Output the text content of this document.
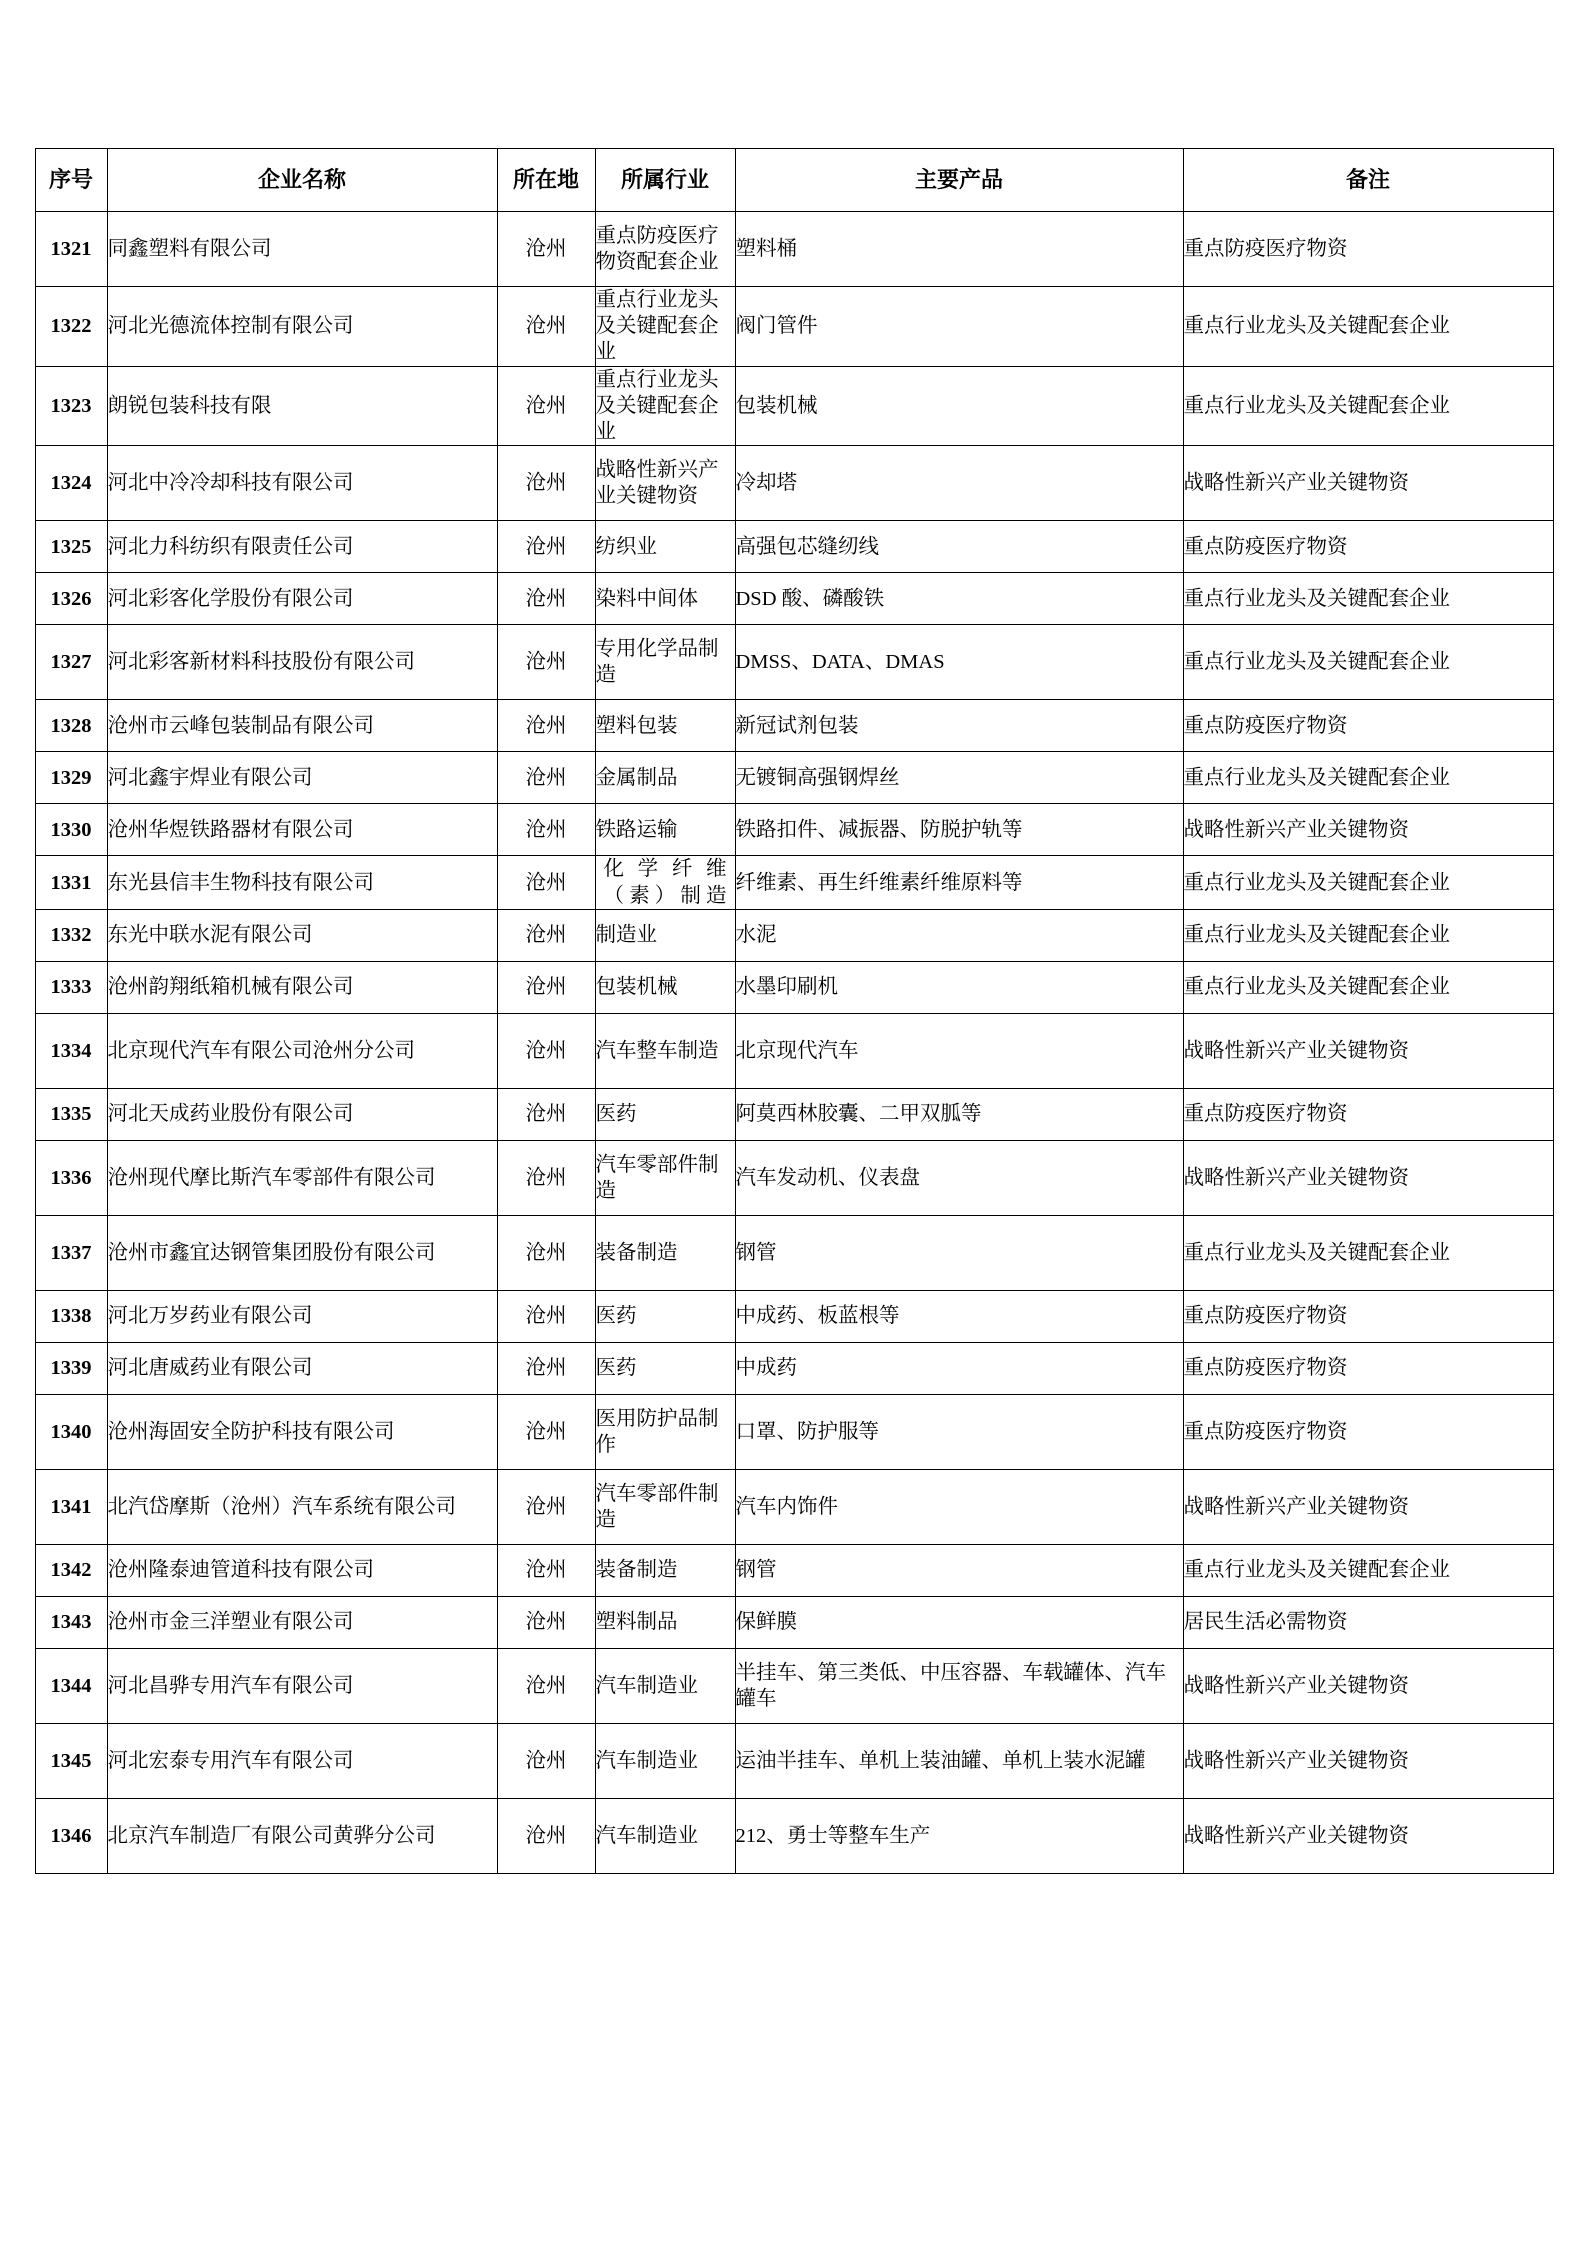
序号	企业名称	所在地	所属行业	主要产品	备注
1321	同鑫塑料有限公司	沧州	重点防疫医疗物资配套企业	塑料桶	重点防疫医疗物资
1322	河北光德流体控制有限公司	沧州	重点行业龙头及关键配套企业	阀门管件	重点行业龙头及关键配套企业
1323	朗锐包装科技有限	沧州	重点行业龙头及关键配套企业	包装机械	重点行业龙头及关键配套企业
1324	河北中冷冷却科技有限公司	沧州	战略性新兴产业关键物资	冷却塔	战略性新兴产业关键物资
1325	河北力科纺织有限责任公司	沧州	纺织业	高强包芯缝纫线	重点防疫医疗物资
1326	河北彩客化学股份有限公司	沧州	染料中间体	DSD 酸、磷酸铁	重点行业龙头及关键配套企业
1327	河北彩客新材料科技股份有限公司	沧州	专用化学品制造	DMSS、DATA、DMAS	重点行业龙头及关键配套企业
1328	沧州市云峰包装制品有限公司	沧州	塑料包装	新冠试剂包装	重点防疫医疗物资
1329	河北鑫宇焊业有限公司	沧州	金属制品	无镀铜高强钢焊丝	重点行业龙头及关键配套企业
1330	沧州华煜铁路器材有限公司	沧州	铁路运输	铁路扣件、减振器、防脱护轨等	战略性新兴产业关键物资
1331	东光县信丰生物科技有限公司	沧州	化学纤维（素）制造	纤维素、再生纤维素纤维原料等	重点行业龙头及关键配套企业
1332	东光中联水泥有限公司	沧州	制造业	水泥	重点行业龙头及关键配套企业
1333	沧州韵翔纸箱机械有限公司	沧州	包装机械	水墨印刷机	重点行业龙头及关键配套企业
1334	北京现代汽车有限公司沧州分公司	沧州	汽车整车制造	北京现代汽车	战略性新兴产业关键物资
1335	河北天成药业股份有限公司	沧州	医药	阿莫西林胶囊、二甲双胍等	重点防疫医疗物资
1336	沧州现代摩比斯汽车零部件有限公司	沧州	汽车零部件制造	汽车发动机、仪表盘	战略性新兴产业关键物资
1337	沧州市鑫宜达钢管集团股份有限公司	沧州	装备制造	钢管	重点行业龙头及关键配套企业
1338	河北万岁药业有限公司	沧州	医药	中成药、板蓝根等	重点防疫医疗物资
1339	河北唐威药业有限公司	沧州	医药	中成药	重点防疫医疗物资
1340	沧州海固安全防护科技有限公司	沧州	医用防护品制作	口罩、防护服等	重点防疫医疗物资
1341	北汽岱摩斯（沧州）汽车系统有限公司	沧州	汽车零部件制造	汽车内饰件	战略性新兴产业关键物资
1342	沧州隆泰迪管道科技有限公司	沧州	装备制造	钢管	重点行业龙头及关键配套企业
1343	沧州市金三洋塑业有限公司	沧州	塑料制品	保鲜膜	居民生活必需物资
1344	河北昌骅专用汽车有限公司	沧州	汽车制造业	半挂车、第三类低、中压容器、车载罐体、汽车罐车	战略性新兴产业关键物资
1345	河北宏泰专用汽车有限公司	沧州	汽车制造业	运油半挂车、单机上装油罐、单机上装水泥罐	战略性新兴产业关键物资
1346	北京汽车制造厂有限公司黄骅分公司	沧州	汽车制造业	212、勇士等整车生产	战略性新兴产业关键物资
